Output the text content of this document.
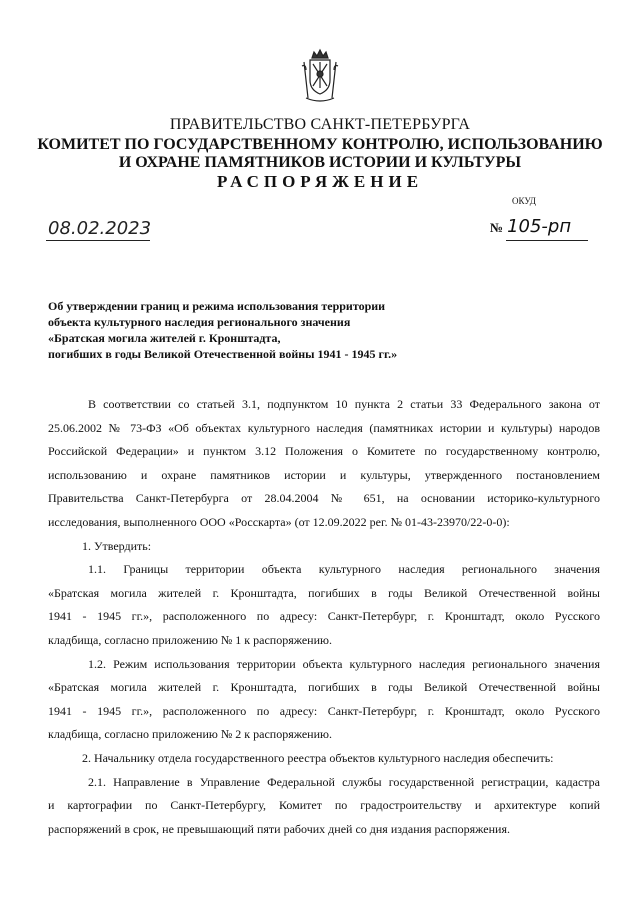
ПРАВИТЕЛЬСТВО САНКТ-ПЕТЕРБУРГА
КОМИТЕТ ПО ГОСУДАРСТВЕННОМУ КОНТРОЛЮ, ИСПОЛЬЗОВАНИЮ
И ОХРАНЕ ПАМЯТНИКОВ ИСТОРИИ И КУЛЬТУРЫ
РАСПОРЯЖЕНИЕ
ОКУД
08.02.2023	№ 105-рп
Об утверждении границ и режима использования территории
объекта культурного наследия регионального значения
«Братская могила жителей г. Кронштадта,
погибших в годы Великой Отечественной войны 1941 - 1945 гг.»

В соответствии со статьей 3.1, подпунктом 10 пункта 2 статьи 33 Федерального закона от

25.06.2002 № 73-ФЗ «Об объектах культурного наследия (памятниках истории и культуры) народов

Российской Федерации» и пунктом 3.12 Положения о Комитете по государственному контролю,

использованию и охране памятников истории и культуры, утвержденного постановлением

Правительства Санкт-Петербурга от 28.04.2004 № 651, на основании историко-культурного

исследования, выполненного ООО «Росскарта» (от 12.09.2022 рег. № 01-43-23970/22-0-0):

1. Утвердить:

1.1. Границы территории объекта культурного наследия регионального значения

«Братская могила жителей г. Кронштадта, погибших в годы Великой Отечественной войны

1941 - 1945 гг.», расположенного по адресу: Санкт-Петербург, г. Кронштадт, около Русского

кладбища, согласно приложению № 1 к распоряжению.

1.2. Режим использования территории объекта культурного наследия регионального значения

«Братская могила жителей г. Кронштадта, погибших в годы Великой Отечественной войны

1941 - 1945 гг.», расположенного по адресу: Санкт-Петербург, г. Кронштадт, около Русского

кладбища, согласно приложению № 2 к распоряжению.

2. Начальнику отдела государственного реестра объектов культурного наследия обеспечить:

2.1. Направление в Управление Федеральной службы государственной регистрации, кадастра

и картографии по Санкт-Петербургу, Комитет по градостроительству и архитектуре копий

распоряжений в срок, не превышающий пяти рабочих дней со дня издания распоряжения.
